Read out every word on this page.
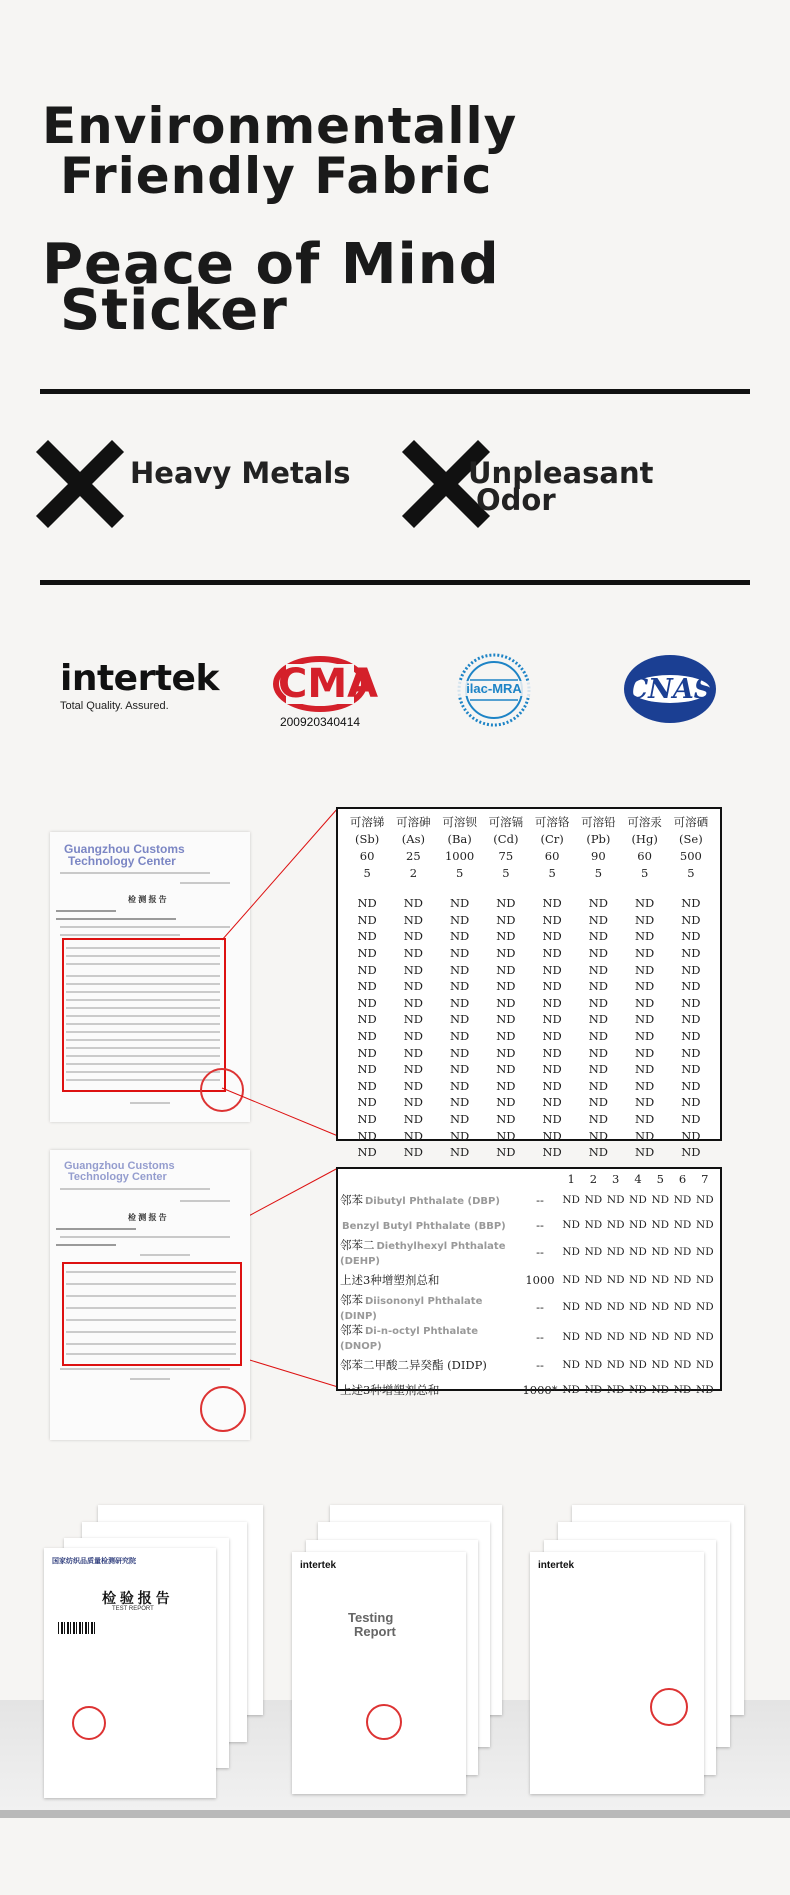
Environmentally
Friendly Fabric
Peace of Mind
Sticker
Heavy Metals	Unpleasant
Odor
intertek
Total Quality. Assured.	CMA
200920340414
ilac-MRA	CNAS
Guangzhou Customs
Technology Center
检 测 报 告
可溶锑	可溶砷	可溶钡	可溶镉	可溶铬	可溶铅	可溶汞	可溶硒
(Sb)	(As)	(Ba)	(Cd)	(Cr)	(Pb)	(Hg)	(Se)
60	25	1000	75	60	90	60	500
5	2	5	5	5	5	5	5

ND	ND	ND	ND	ND	ND	ND	ND
ND	ND	ND	ND	ND	ND	ND	ND
ND	ND	ND	ND	ND	ND	ND	ND
ND	ND	ND	ND	ND	ND	ND	ND
ND	ND	ND	ND	ND	ND	ND	ND
ND	ND	ND	ND	ND	ND	ND	ND
ND	ND	ND	ND	ND	ND	ND	ND
ND	ND	ND	ND	ND	ND	ND	ND
ND	ND	ND	ND	ND	ND	ND	ND
ND	ND	ND	ND	ND	ND	ND	ND
ND	ND	ND	ND	ND	ND	ND	ND
ND	ND	ND	ND	ND	ND	ND	ND
ND	ND	ND	ND	ND	ND	ND	ND
ND	ND	ND	ND	ND	ND	ND	ND
ND	ND	ND	ND	ND	ND	ND	ND
ND	ND	ND	ND	ND	ND	ND	ND
Guangzhou Customs
Technology Center
检 测 报 告
		1	2	3	4	5	6	7
邻苯 Dibutyl Phthalate (DBP)	--	ND	ND	ND	ND	ND	ND	ND
Benzyl Butyl Phthalate (BBP)	--	ND	ND	ND	ND	ND	ND	ND
邻苯二 Diethylhexyl Phthalate (DEHP)	--	ND	ND	ND	ND	ND	ND	ND
上述3种增塑剂总和	1000	ND	ND	ND	ND	ND	ND	ND
邻苯 Diisononyl Phthalate (DINP)	--	ND	ND	ND	ND	ND	ND	ND
邻苯 Di-n-octyl Phthalate (DNOP)	--	ND	ND	ND	ND	ND	ND	ND
邻苯二甲酸二异癸酯 (DIDP)	--	ND	ND	ND	ND	ND	ND	ND
上述3种增塑剂总和	1000*	ND	ND	ND	ND	ND	ND	ND
国家纺织品质量检测研究院
检 验 报 告
TEST REPORT
intertek
Testing
Report
intertek
